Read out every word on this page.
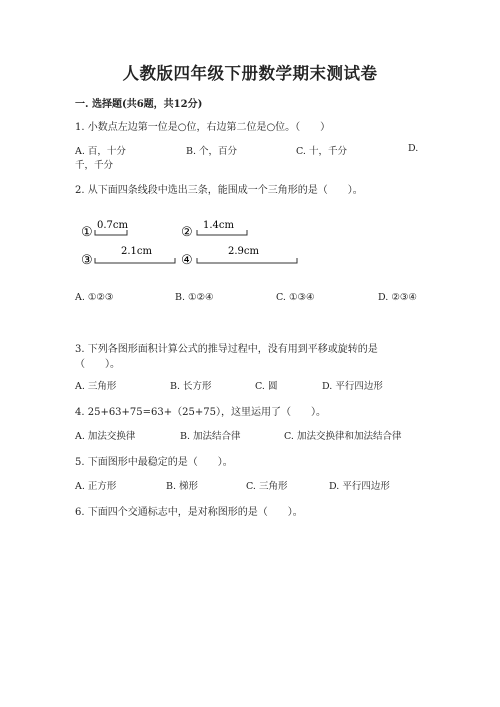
人教版四年级下册数学期末测试卷
一. 选择题(共6题，共12分)
1. 小数点左边第一位是○位，右边第二位是○位。（　　）
A. 百，十分	B. 个，百分	C. 十，千分	D.
千，千分
2. 从下面四条线段中选出三条，能围成一个三角形的是（　　）。
① 0.7cm	② 1.4cm
③
2.1cm
④
2.9cm
A. ①②③	B. ①②④	C. ①③④	D. ②③④
3. 下列各图形面积计算公式的推导过程中，没有用到平移或旋转的是
（　　）。
A. 三角形	B. 长方形	C. 圆	D. 平行四边形
4. 25+63+75=63+（25+75），这里运用了（　　）。
A. 加法交换律	B. 加法结合律	C. 加法交换律和加法结合律
5. 下面图形中最稳定的是（　　）。
A. 正方形	B. 梯形	C. 三角形	D. 平行四边形
6. 下面四个交通标志中，是对称图形的是（　　）。
